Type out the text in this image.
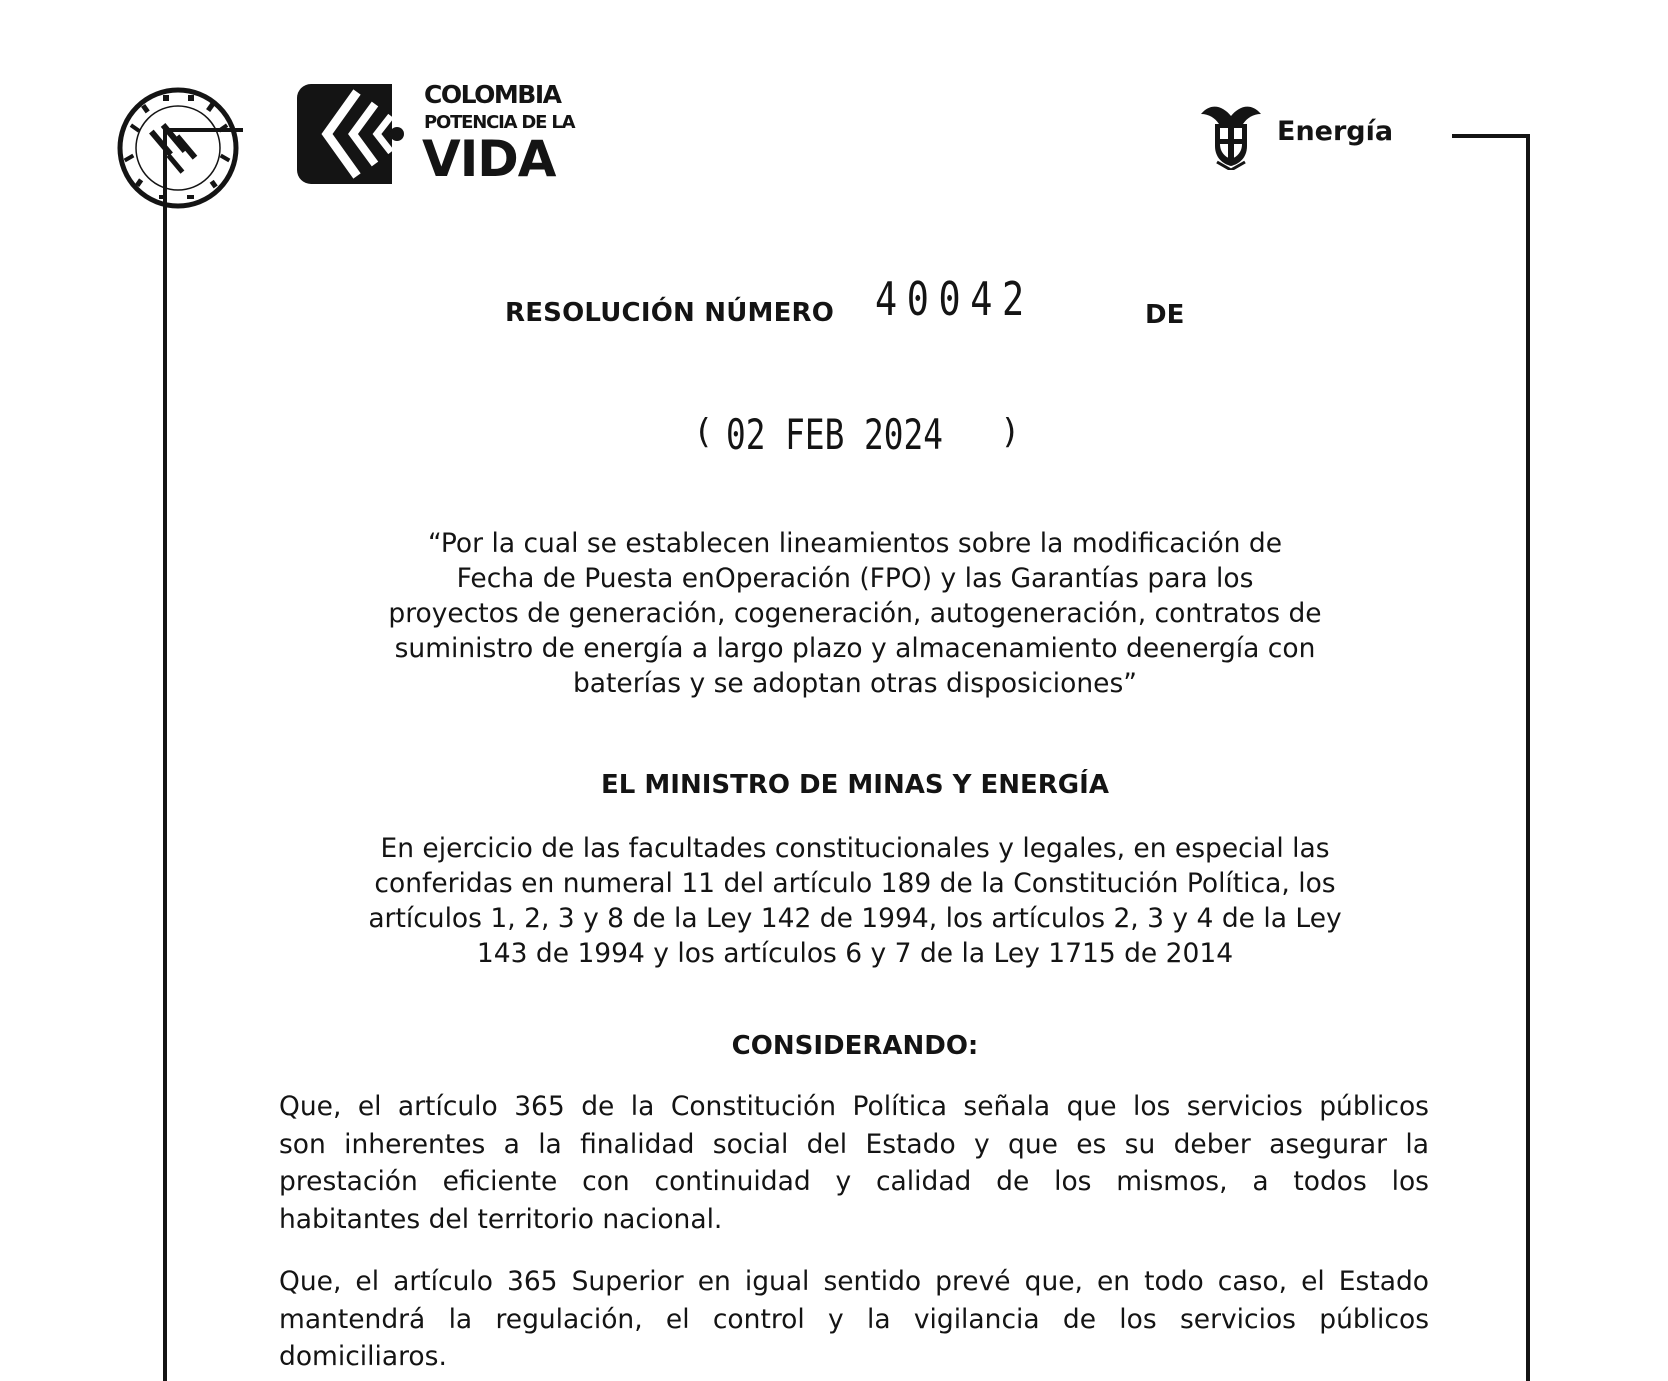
COLOMBIA
POTENCIA DE LA
VIDA	Energía
RESOLUCIÓN NÚMERO 40042	DE
( 02 FEB 2024 )
“Por la cual se establecen lineamientos sobre la modificación de
Fecha de Puesta enOperación (FPO) y las Garantías para los
proyectos de generación, cogeneración, autogeneración, contratos de
suministro de energía a largo plazo y almacenamiento deenergía con
baterías y se adoptan otras disposiciones”
EL MINISTRO DE MINAS Y ENERGÍA
En ejercicio de las facultades constitucionales y legales, en especial las
conferidas en numeral 11 del artículo 189 de la Constitución Política, los
artículos 1, 2, 3 y 8 de la Ley 142 de 1994, los artículos 2, 3 y 4 de la Ley
143 de 1994 y los artículos 6 y 7 de la Ley 1715 de 2014
CONSIDERANDO:
Que, el artículo 365 de la Constitución Política señala que los servicios públicos
son inherentes a la finalidad social del Estado y que es su deber asegurar la
prestación eficiente con continuidad y calidad de los mismos, a todos los
habitantes del territorio nacional.
Que, el artículo 365 Superior en igual sentido prevé que, en todo caso, el Estado
mantendrá la regulación, el control y la vigilancia de los servicios públicos
domiciliaros.
